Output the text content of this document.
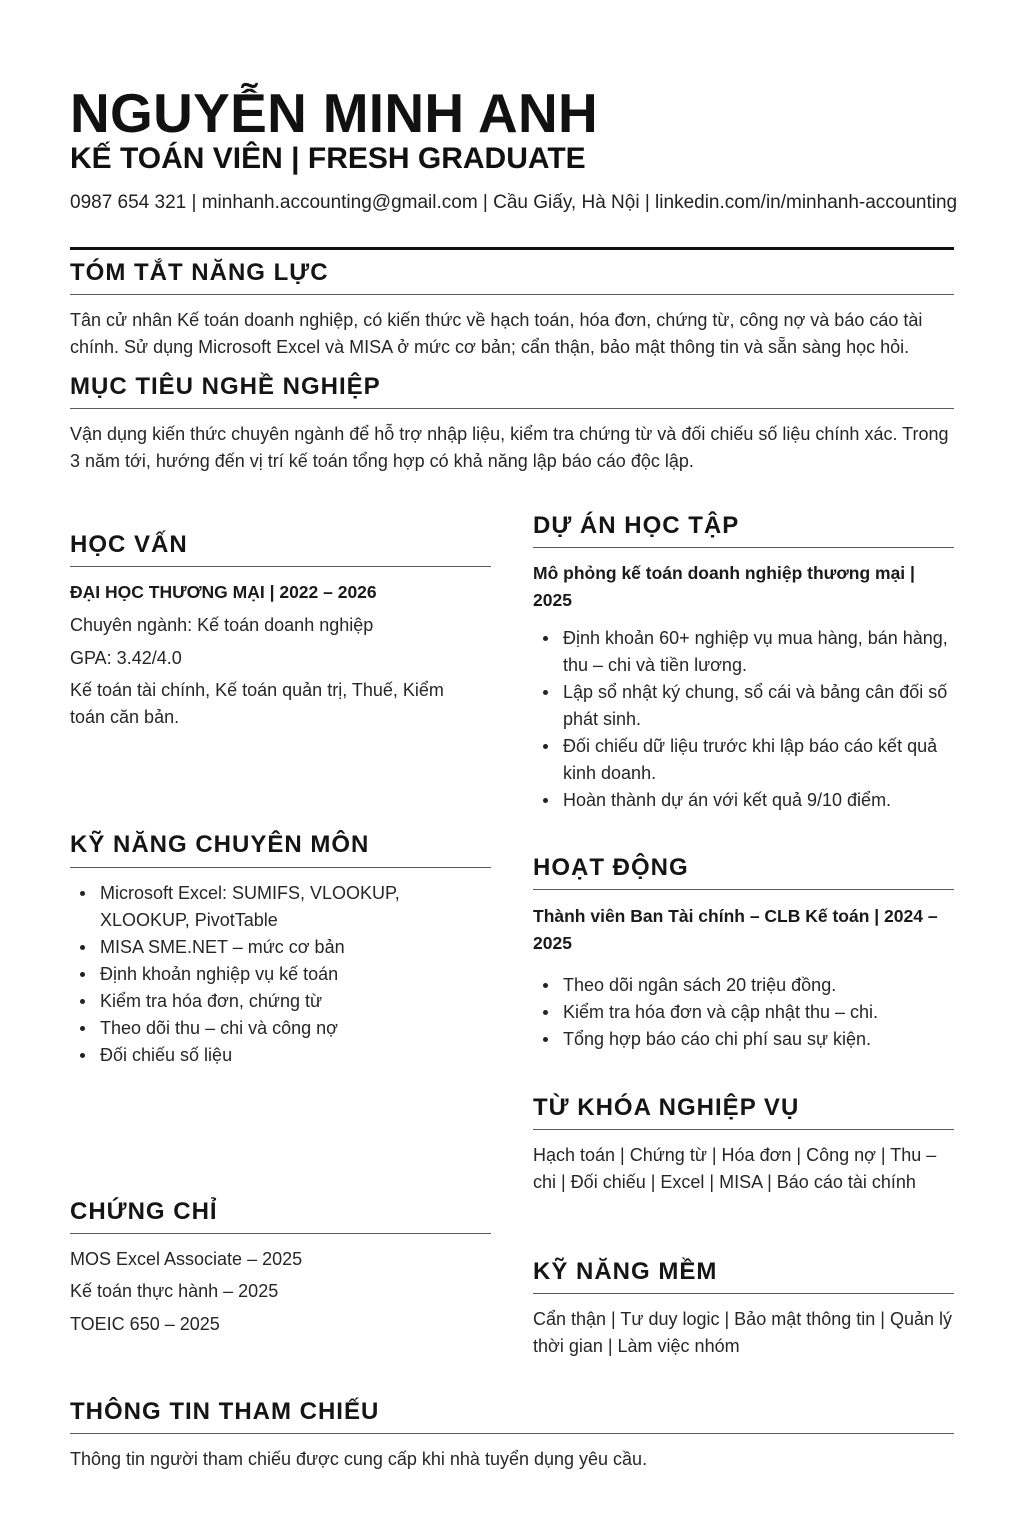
NGUYỄN MINH ANH
KẾ TOÁN VIÊN | FRESH GRADUATE
0987 654 321 | minhanh.accounting@gmail.com | Cầu Giấy, Hà Nội | linkedin.com/in/minhanh-accounting
TÓM TẮT NĂNG LỰC
Tân cử nhân Kế toán doanh nghiệp, có kiến thức về hạch toán, hóa đơn, chứng từ, công nợ và báo cáo tài chính. Sử dụng Microsoft Excel và MISA ở mức cơ bản; cẩn thận, bảo mật thông tin và sẵn sàng học hỏi.
MỤC TIÊU NGHỀ NGHIỆP
Vận dụng kiến thức chuyên ngành để hỗ trợ nhập liệu, kiểm tra chứng từ và đối chiếu số liệu chính xác. Trong 3 năm tới, hướng đến vị trí kế toán tổng hợp có khả năng lập báo cáo độc lập.
HỌC VẤN
ĐẠI HỌC THƯƠNG MẠI | 2022 – 2026
Chuyên ngành: Kế toán doanh nghiệp
GPA: 3.42/4.0
Kế toán tài chính, Kế toán quản trị, Thuế, Kiểm toán căn bản.
KỸ NĂNG CHUYÊN MÔN
Microsoft Excel: SUMIFS, VLOOKUP, XLOOKUP, PivotTable
MISA SME.NET – mức cơ bản
Định khoản nghiệp vụ kế toán
Kiểm tra hóa đơn, chứng từ
Theo dõi thu – chi và công nợ
Đối chiếu số liệu
CHỨNG CHỈ
MOS Excel Associate – 2025
Kế toán thực hành – 2025
TOEIC 650 – 2025
DỰ ÁN HỌC TẬP
Mô phỏng kế toán doanh nghiệp thương mại | 2025
Định khoản 60+ nghiệp vụ mua hàng, bán hàng, thu – chi và tiền lương.
Lập sổ nhật ký chung, sổ cái và bảng cân đối số phát sinh.
Đối chiếu dữ liệu trước khi lập báo cáo kết quả kinh doanh.
Hoàn thành dự án với kết quả 9/10 điểm.
HOẠT ĐỘNG
Thành viên Ban Tài chính – CLB Kế toán | 2024 – 2025
Theo dõi ngân sách 20 triệu đồng.
Kiểm tra hóa đơn và cập nhật thu – chi.
Tổng hợp báo cáo chi phí sau sự kiện.
TỪ KHÓA NGHIỆP VỤ
Hạch toán | Chứng từ | Hóa đơn | Công nợ | Thu – chi | Đối chiếu | Excel | MISA | Báo cáo tài chính
KỸ NĂNG MỀM
Cẩn thận | Tư duy logic | Bảo mật thông tin | Quản lý thời gian | Làm việc nhóm
THÔNG TIN THAM CHIẾU
Thông tin người tham chiếu được cung cấp khi nhà tuyển dụng yêu cầu.
